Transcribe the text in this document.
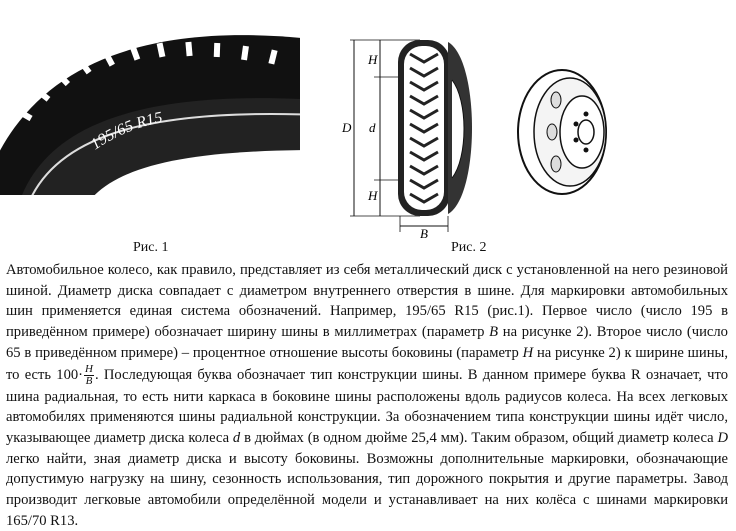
195/65 R15
D
H
d
H
B
Рис. 1	Рис. 2

Автомобильное колесо, как правило, представляет из себя металлический диск с установленной на него резиновой шиной. Диаметр диска совпадает с диаметром внутреннего отверстия в шине. Для маркировки автомобильных шин применяется единая система обозначений. Например, 195/65 R15 (рис.1). Первое число (число 195 в приведённом примере) обозначает ширину шины в миллиметрах (параметр B на рисунке 2). Второе число (число 65 в приведённом примере) – процентное отношение высоты боковины (параметр H на рисунке 2) к ширине шины, то есть $100\cdot \frac{H}{B}$ . Последующая буква обозначает тип конструкции шины. В данном примере буква R означает, что шина радиальная, то есть нити каркаса в боковине шины расположены вдоль радиусов колеса. На всех легковых автомобилях применяются шины радиальной конструкции. За обозначением типа конструкции шины идёт число, указывающее диаметр диска колеса d в дюймах (в одном дюйме 25,4 мм). Таким образом, общий диаметр колеса D легко найти, зная диаметр диска и высоту боковины. Возможны дополнительные маркировки, обозначающие допустимую нагрузку на шину, сезонность использования, тип дорожного покрытия и другие параметры. Завод производит легковые автомобили определённой модели и устанавливает на них колёса с шинами маркировки 165/70 R13.
